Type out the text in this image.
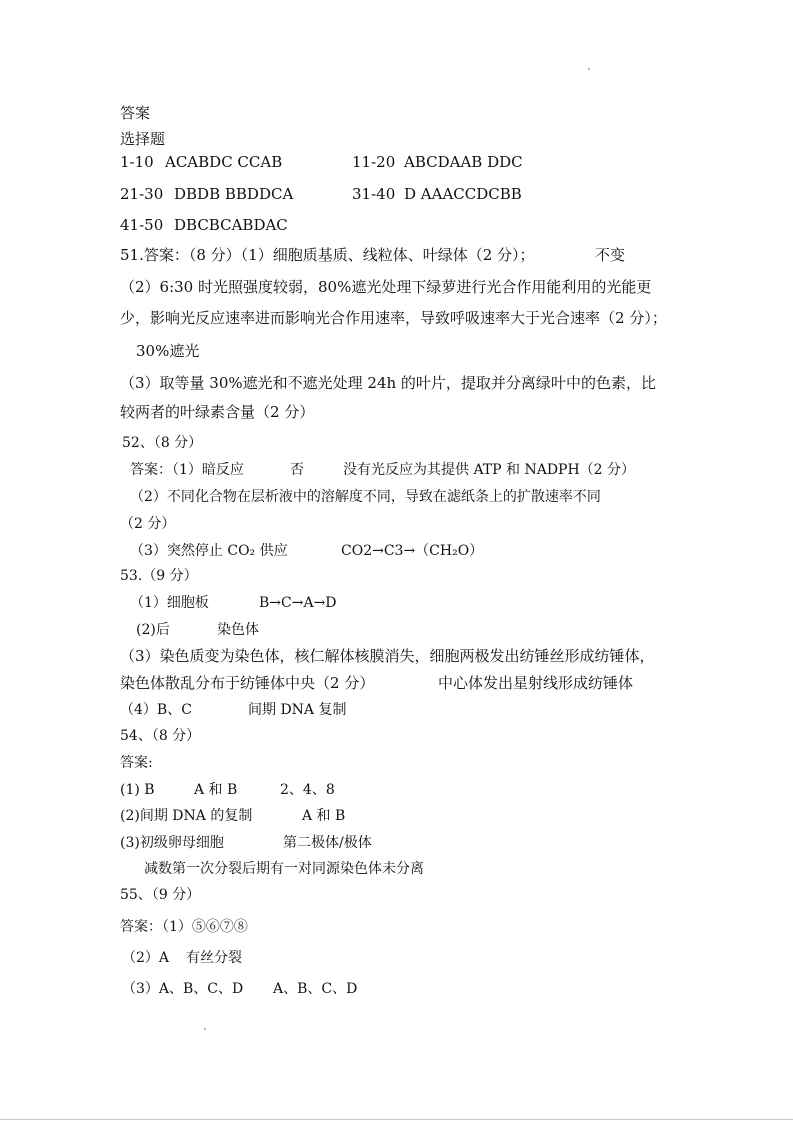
答案
选择题
1-10 ACABDC CCAB	11-20 ABCDAAB DDC
21-30 DBDB BBDDCA	31-40 D AAACCDCBB
41-50 DBCBCABDAC
51.答案：（8 分）（1）细胞质基质、线粒体、叶绿体（2 分）；	不变
（2）6:30 时光照强度较弱，80%遮光处理下绿萝进行光合作用能利用的光能更
少，影响光反应速率进而影响光合作用速率，导致呼吸速率大于光合速率（2 分）；
30%遮光
（3）取等量 30%遮光和不遮光处理 24h 的叶片，提取并分离绿叶中的色素，比
较两者的叶绿素含量（2 分）
52、（8 分）
答案：（1）暗反应	否	没有光反应为其提供 ATP 和 NADPH（2 分）
（2）不同化合物在层析液中的溶解度不同，导致在滤纸条上的扩散速率不同
（2 分）
（3）突然停止 CO₂ 供应	CO2→C3→（CH₂O）
53.（9 分）
（1）细胞板	B→C→A→D
(2)后	染色体
（3）染色质变为染色体，核仁解体核膜消失，细胞两极发出纺锤丝形成纺锤体，
染色体散乱分布于纺锤体中央（2 分）	中心体发出星射线形成纺锤体
（4）B、C	间期 DNA 复制
54、（8 分）
答案:
(1) B	A 和 B	2、4、8
(2)间期 DNA 的复制	A 和 B
(3)初级卵母细胞	第二极体/极体
减数第一次分裂后期有一对同源染色体未分离
55、（9 分）
答案：（1）⑤⑥⑦⑧
（2）A 有丝分裂
（3）A、B、C、D A、B、C、D
